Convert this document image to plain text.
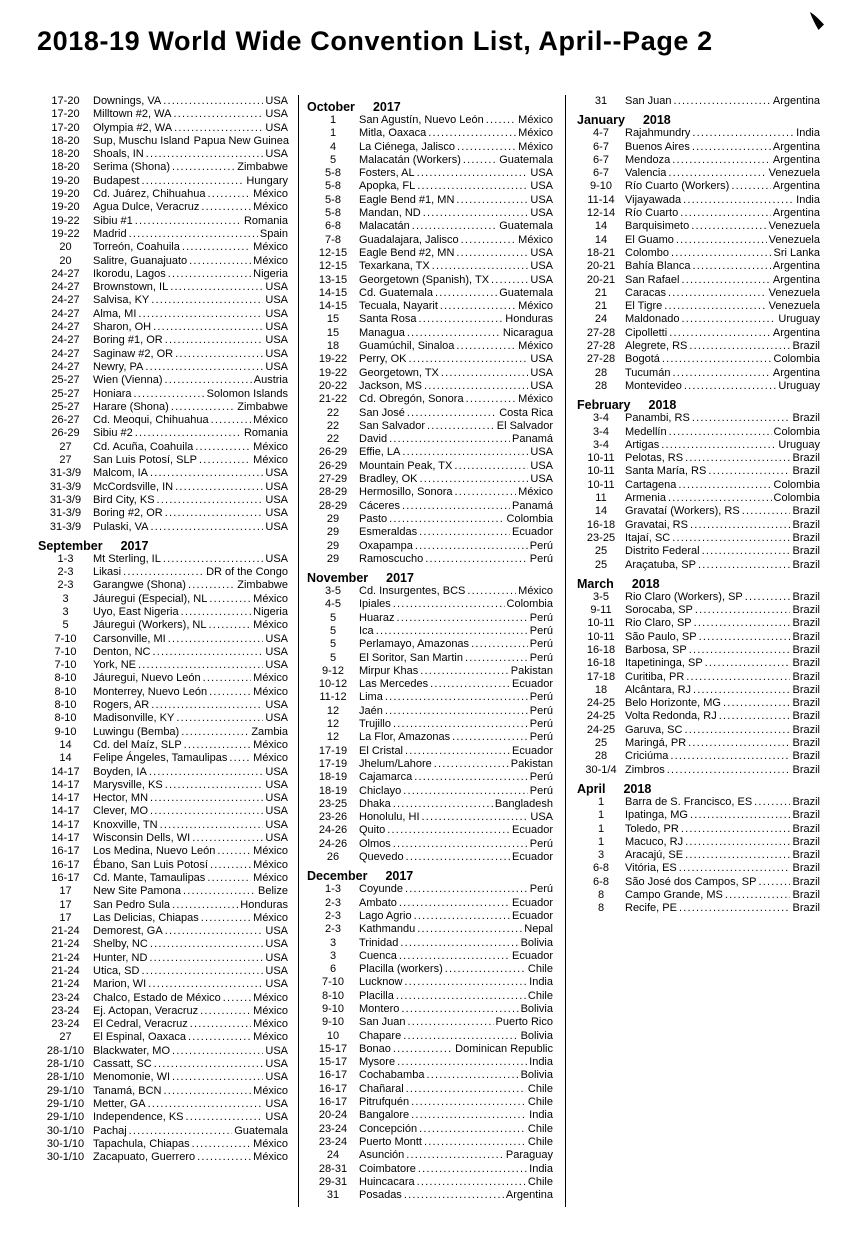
2018-19 World Wide Convention List, April--Page 2
17-20	Downings, VA .....	USA
17-20	Milltown #2, WA .....	USA
17-20	Olympia #2, WA .....	USA
18-20	Sup, Muschu Island ..... Papua New Guinea
18-20	Shoals, IN .....	USA
18-20	Serima (Shona) .....	Zimbabwe
19-20	Budapest .....	Hungary
19-20	Cd. Juárez, Chihuahua .....	México
19-20	Agua Dulce, Veracruz .....	México
19-22	Sibiu #1 .....	Romania
19-22	Madrid .....	Spain
20	Torreón, Coahuila .....	México
20	Salitre, Guanajuato .....	México
24-27	Ikorodu, Lagos .....	Nigeria
24-27	Brownstown, IL .....	USA
24-27	Salvisa, KY .....	USA
24-27	Alma, MI .....	USA
24-27	Sharon, OH .....	USA
24-27	Boring #1, OR .....	USA
24-27	Saginaw #2, OR .....	USA
24-27	Newry, PA .....	USA
25-27	Wien (Vienna) .....	Austria
25-27	Honiara .....	Solomon Islands
25-27	Harare (Shona) .....	Zimbabwe
26-27	Cd. Meoqui, Chihuahua .....	México
26-29	Sibiu #2 .....	Romania
27	Cd. Acuña, Coahuila .....	México
27	San Luis Potosí, SLP .....	México
31-3/9	Malcom, IA .....	USA
31-3/9	McCordsville, IN .....	USA
31-3/9	Bird City, KS .....	USA
31-3/9	Boring #2, OR .....	USA
31-3/9	Pulaski, VA .....	USA
September 2017
1-3	Mt Sterling, IL .....	USA
2-3	Likasi .....	DR of the Congo
2-3	Garangwe (Shona) .....	Zimbabwe
3	Jáuregui (Especial), NL .....	México
3	Uyo, East Nigeria .....	Nigeria
5	Jáuregui (Workers), NL .....	México
7-10	Carsonville, MI .....	USA
7-10	Denton, NC .....	USA
7-10	York, NE .....	USA
8-10	Jáuregui, Nuevo León .....	México
8-10	Monterrey, Nuevo León .....	México
8-10	Rogers, AR .....	USA
8-10	Madisonville, KY .....	USA
9-10	Luwingu (Bemba) .....	Zambia
14	Cd. del Maíz, SLP .....	México
14	Felipe Ángeles, Tamaulipas ..... México
14-17	Boyden, IA .....	USA
14-17	Marysville, KS .....	USA
14-17	Hector, MN .....	USA
14-17	Clever, MO .....	USA
14-17	Knoxville, TN .....	USA
14-17	Wisconsin Dells, WI .....	USA
16-17	Los Medina, Nuevo León .....	México
16-17	Ébano, San Luis Potosí .....	México
16-17	Cd. Mante, Tamaulipas .....	México
17	New Site Pamona .....	Belize
17	San Pedro Sula .....	Honduras
17	Las Delicias, Chiapas .....	México
21-24	Demorest, GA .....	USA
21-24	Shelby, NC .....	USA
21-24	Hunter, ND .....	USA
21-24	Utica, SD .....	USA
21-24	Marion, WI .....	USA
23-24	Chalco, Estado de México .....	México
23-24	Ej. Actopan, Veracruz .....	México
23-24	El Cedral, Veracruz .....	México
27	El Espinal, Oaxaca .....	México
28-1/10 Blackwater, MO .....	USA
28-1/10 Cassatt, SC .....	USA
28-1/10 Menomonie, WI .....	USA
29-1/10 Tanamá, BCN .....	México
29-1/10 Metter, GA .....	USA
29-1/10 Independence, KS .....	USA
30-1/10 Pachaj .....	Guatemala
30-1/10 Tapachula, Chiapas .....	México
30-1/10 Zacapuato, Guerrero .....	México
October 2017
1	San Agustín, Nuevo León .....	México
1	Mitla, Oaxaca .....	México
4	La Ciénega, Jalisco .....	México
5	Malacatán (Workers) .....	Guatemala
5-8	Fosters, AL .....	USA
5-8	Apopka, FL .....	USA
5-8	Eagle Bend #1, MN .....	USA
5-8	Mandan, ND .....	USA
6-8	Malacatán .....	Guatemala
7-8	Guadalajara, Jalisco .....	México
12-15	Eagle Bend #2, MN .....	USA
12-15	Texarkana, TX .....	USA
13-15	Georgetown (Spanish), TX .....	USA
14-15	Cd. Guatemala .....	Guatemala
14-15	Tecuala, Nayarit .....	México
15	Santa Rosa .....	Honduras
15	Managua .....	Nicaragua
18	Guamúchil, Sinaloa .....	México
19-22	Perry, OK .....	USA
19-22	Georgetown, TX .....	USA
20-22	Jackson, MS .....	USA
21-22	Cd. Obregón, Sonora .....	México
22	San José .....	Costa Rica
22	San Salvador .....	El Salvador
22	David .....	Panamá
26-29	Effie, LA .....	USA
26-29	Mountain Peak, TX .....	USA
27-29	Bradley, OK .....	USA
28-29	Hermosillo, Sonora .....	México
28-29	Cáceres .....	Panamá
29	Pasto .....	Colombia
29	Esmeraldas .....	Ecuador
29	Oxapampa .....	Perú
29	Ramoscucho .....	Perú
November 2017
3-5	Cd. Insurgentes, BCS .....	México
4-5	Ipiales .....	Colombia
5	Huaraz .....	Perú
5	Ica .....	Perú
5	Perlamayo, Amazonas .....	Perú
5	El Soritor, San Martin .....	Perú
9-12	Mirpur Khas .....	Pakistan
10-12	Las Mercedes .....	Ecuador
11-12	Lima .....	Perú
12	Jaén .....	Perú
12	Trujillo .....	Perú
12	La Flor, Amazonas .....	Perú
17-19	El Cristal .....	Ecuador
17-19	Jhelum/Lahore .....	Pakistan
18-19	Cajamarca .....	Perú
18-19	Chiclayo .....	Perú
23-25	Dhaka .....	Bangladesh
23-26	Honolulu, HI .....	USA
24-26	Quito .....	Ecuador
24-26	Olmos .....	Perú
26	Quevedo .....	Ecuador
December 2017
1-3	Coyunde .....	Perú
2-3	Ambato .....	Ecuador
2-3	Lago Agrio .....	Ecuador
2-3	Kathmandu .....	Nepal
3	Trinidad .....	Bolivia
3	Cuenca .....	Ecuador
6	Placilla (workers) .....	Chile
7-10	Lucknow .....	India
8-10	Placilla .....	Chile
9-10	Montero .....	Bolivia
9-10	San Juan .....	Puerto Rico
10	Chapare .....	Bolivia
15-17	Bonao .....	Dominican Republic
15-17	Mysore .....	India
16-17	Cochabamba .....	Bolivia
16-17	Chañaral .....	Chile
16-17	Pitrufquén .....	Chile
20-24	Bangalore .....	India
23-24	Concepción .....	Chile
23-24	Puerto Montt .....	Chile
24	Asunción .....	Paraguay
28-31	Coimbatore .....	India
29-31	Huincacara .....	Chile
31	Posadas .....	Argentina
31	San Juan .....	Argentina
January 2018
4-7	Rajahmundry .....	India
6-7	Buenos Aires .....	Argentina
6-7	Mendoza .....	Argentina
6-7	Valencia .....	Venezuela
9-10	Río Cuarto (Workers) .....	Argentina
11-14 Vijayawada .....	India
12-14 Río Cuarto .....	Argentina
14	Barquisimeto .....	Venezuela
14	El Guamo .....	Venezuela
18-21 Colombo .....	Sri Lanka
20-21 Bahía Blanca .....	Argentina
20-21 San Rafael .....	Argentina
21	Caracas .....	Venezuela
21	El Tigre .....	Venezuela
24	Maldonado .....	Uruguay
27-28 Cipolletti .....	Argentina
27-28 Alegrete, RS .....	Brazil
27-28 Bogotá .....	Colombia
28	Tucumán .....	Argentina
28	Montevideo .....	Uruguay
February 2018
3-4	Panambi, RS .....	Brazil
3-4	Medellín .....	Colombia
3-4	Artigas .....	Uruguay
10-11 Pelotas, RS .....	Brazil
10-11 Santa María, RS .....	Brazil
10-11 Cartagena .....	Colombia
11	Armenia .....	Colombia
14	Gravataí (Workers), RS .....	Brazil
16-18 Gravatai, RS .....	Brazil
23-25 Itajaí, SC .....	Brazil
25	Distrito Federal .....	Brazil
25	Araçatuba, SP .....	Brazil
March 2018
3-5	Rio Claro (Workers), SP .....	Brazil
9-11	Sorocaba, SP .....	Brazil
10-11 Rio Claro, SP .....	Brazil
10-11 São Paulo, SP .....	Brazil
16-18 Barbosa, SP .....	Brazil
16-18 Itapetininga, SP .....	Brazil
17-18 Curitiba, PR .....	Brazil
18	Alcântara, RJ .....	Brazil
24-25 Belo Horizonte, MG .....	Brazil
24-25 Volta Redonda, RJ .....	Brazil
24-25 Garuva, SC .....	Brazil
25	Maringá, PR .....	Brazil
28	Criciúma .....	Brazil
30-1/4 Zimbros .....	Brazil
April 2018
1	Barra de S. Francisco, ES .....	Brazil
1	Ipatinga, MG .....	Brazil
1	Toledo, PR .....	Brazil
1	Macuco, RJ .....	Brazil
3	Aracajú, SE .....	Brazil
6-8	Vitória, ES .....	Brazil
6-8	São José dos Campos, SP .....	Brazil
8	Campo Grande, MS .....	Brazil
8	Recife, PE .....	Brazil
